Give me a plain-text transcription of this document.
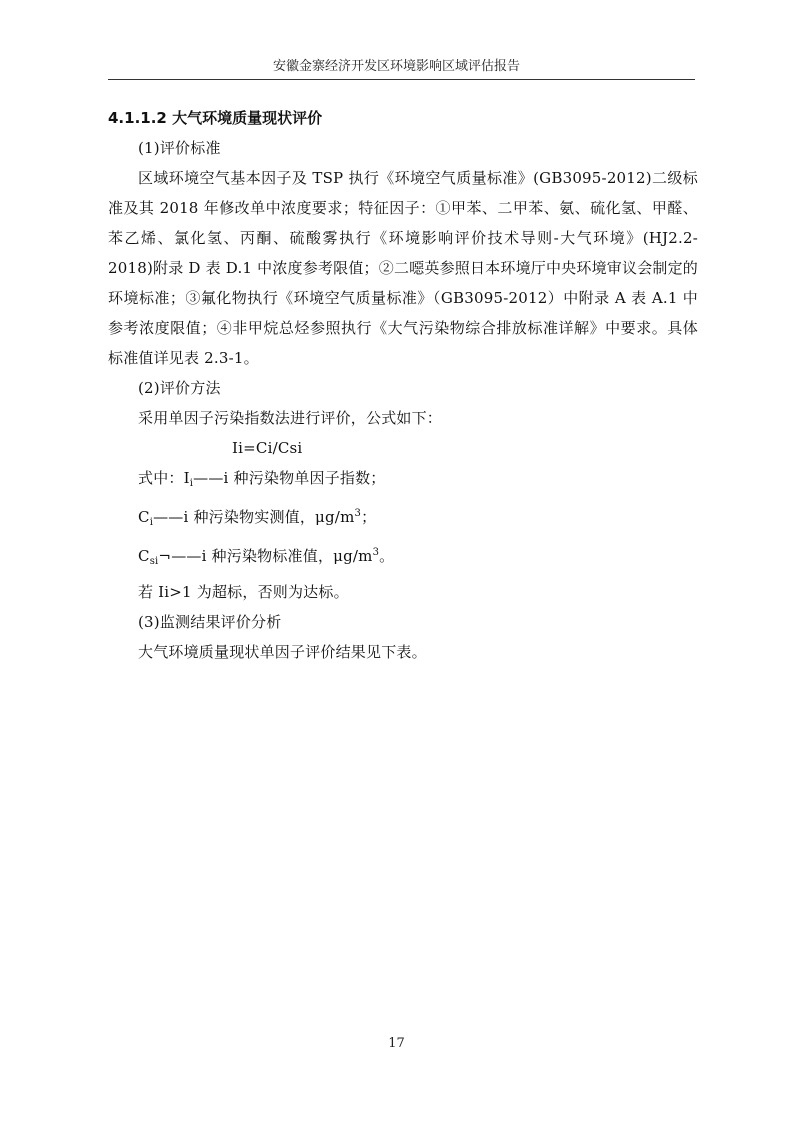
安徽金寨经济开发区环境影响区域评估报告
4.1.1.2 大气环境质量现状评价

(1)评价标准

区域环境空气基本因子及 TSP 执行《环境空气质量标准》(GB3095-2012)二级标准及其 2018 年修改单中浓度要求；特征因子：①甲苯、二甲苯、氨、硫化氢、甲醛、苯乙烯、氯化氢、丙酮、硫酸雾执行《环境影响评价技术导则-大气环境》(HJ2.2-2018)附录 D 表 D.1 中浓度参考限值；②二噁英参照日本环境厅中央环境审议会制定的环境标准；③氟化物执行《环境空气质量标准》（GB3095-2012）中附录 A 表 A.1 中参考浓度限值；④非甲烷总烃参照执行《大气污染物综合排放标准详解》中要求。具体标准值详见表 2.3-1。

(2)评价方法

采用单因子污染指数法进行评价，公式如下：

Ii=Ci/Csi

式中：$I_i——i$ 种污染物单因子指数；

$C_i——i$ 种污染物实测值，$\mu g/m^3$；

$C_{si}\neg——i$ 种污染物标准值，$\mu g/m^3$。

若 Ii>1 为超标，否则为达标。

(3)监测结果评价分析

大气环境质量现状单因子评价结果见下表。

17
